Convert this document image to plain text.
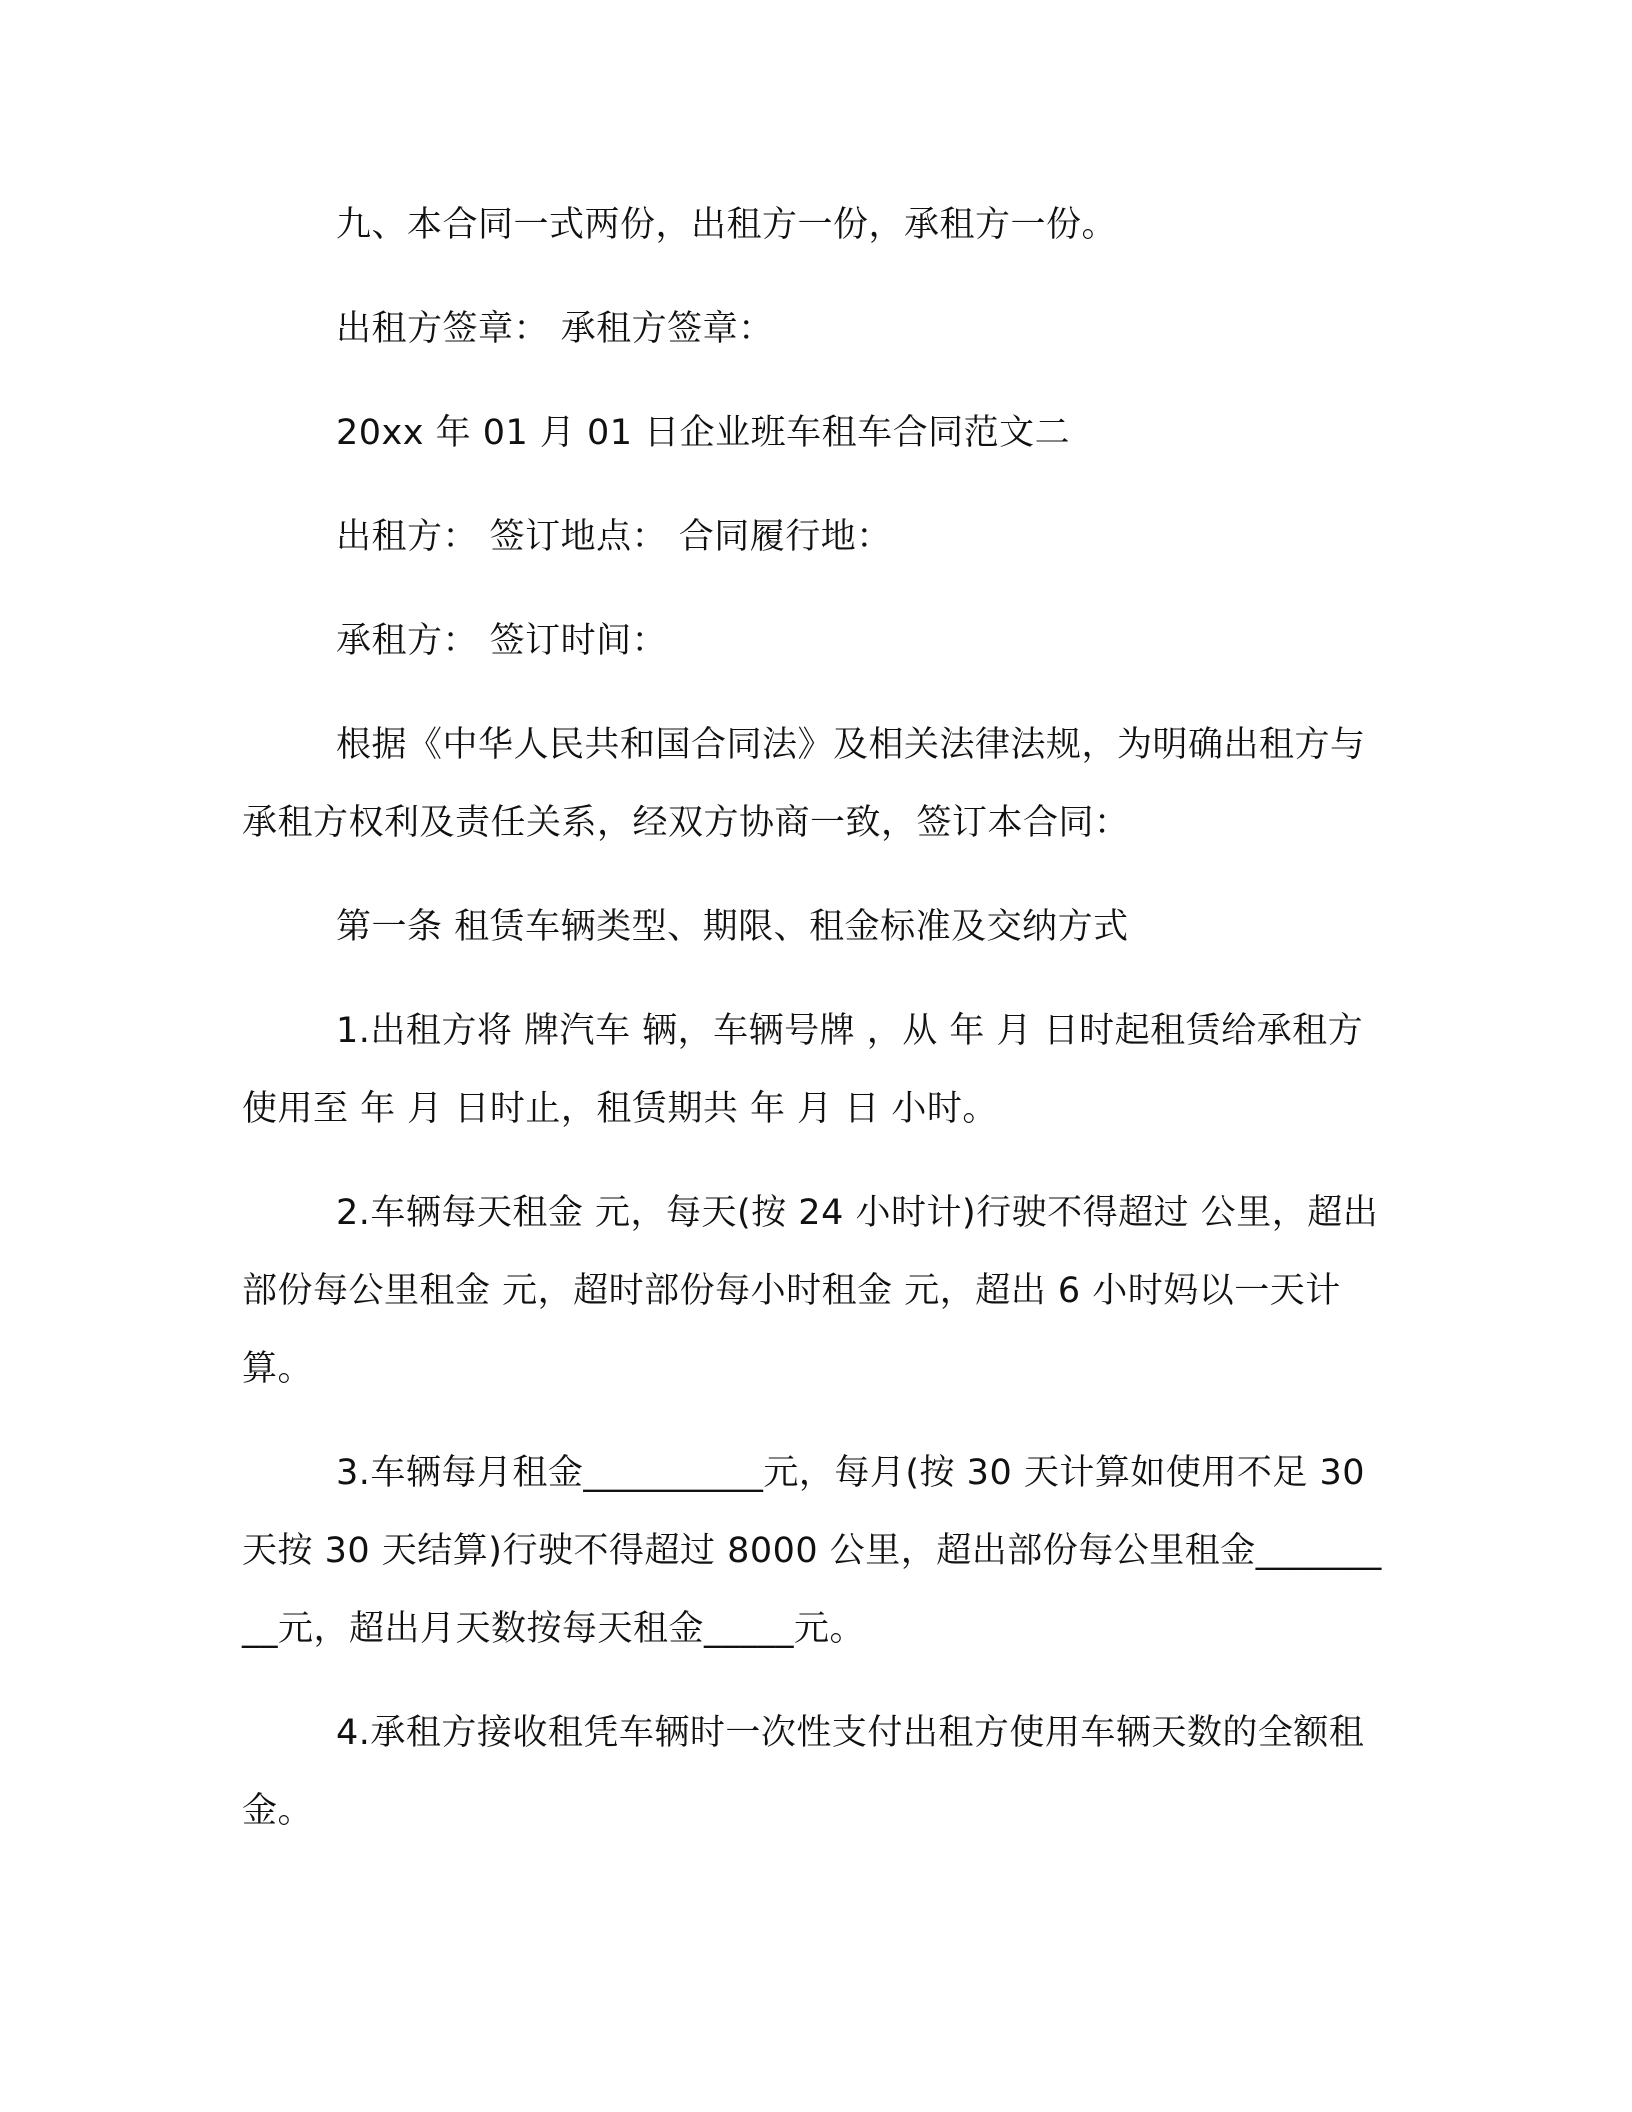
九、本合同一式两份，出租方一份，承租方一份。

出租方签章： 承租方签章：

20xx 年 01 月 01 日企业班车租车合同范文二

出租方： 签订地点： 合同履行地：

承租方： 签订时间：

根据《中华人民共和国合同法》及相关法律法规，为明确出租方与承租方权利及责任关系，经双方协商一致，签订本合同：

第一条 租赁车辆类型、期限、租金标准及交纳方式

1.出租方将 牌汽车 辆，车辆号牌 ，从 年 月 日时起租赁给承租方使用至 年 月 日时止，租赁期共 年 月 日 小时。

2.车辆每天租金 元，每天(按 24 小时计)行驶不得超过 公里，超出部份每公里租金 元，超时部份每小时租金 元，超出 6 小时妈以一天计算。

3.车辆每月租金__________元，每月(按 30 天计算如使用不足 30 天按 30 天结算)行驶不得超过 8000 公里，超出部份每公里租金_________元，超出月天数按每天租金_____元。

4.承租方接收租凭车辆时一次性支付出租方使用车辆天数的全额租金。
